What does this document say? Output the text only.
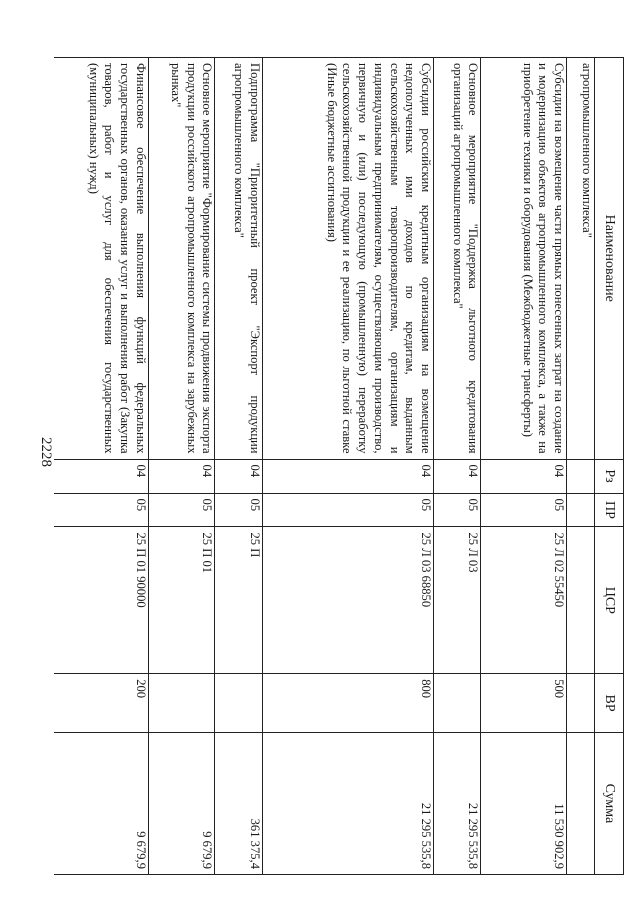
2228
Наименование	Рз	ПР	ЦСР	ВР	Сумма
агропромышленного комплекса"					
Субсидии на возмещение части прямых понесенных затрат на создание и модернизацию объектов агропромышленного комплекса, а также на приобретение техники и оборудования (Межбюджетные трансферты)	04	05	25 Л 02 55450	500	11 530 902,9
Основное мероприятие "Поддержка льготного кредитования организаций агропромышленного комплекса"	04	05	25 Л 03		21 295 535,8
Субсидии российским кредитным организациям на возмещение недополученных ими доходов по кредитам, выданным сельскохозяйственным товаропроизводителям, организациям и индивидуальным предпринимателям, осуществляющим производство, первичную и (или) последующую (промышленную) переработку сельскохозяйственной продукции и ее реализацию, по льготной ставке (Иные бюджетные ассигнования)	04	05	25 Л 03 68850	800	21 295 535,8
Подпрограмма "Приоритетный проект "Экспорт продукции агропромышленного комплекса"	04	05	25 П		361 375,4
Основное мероприятие "Формирование системы продвижения экспорта продукции российского агропромышленного комплекса на зарубежных рынках"	04	05	25 П 01		9 679,9
Финансовое обеспечение выполнения функций федеральных государственных органов, оказания услуг и выполнения работ (Закупка товаров, работ и услуг для обеспечения государственных (муниципальных) нужд)	04	05	25 П 01 90000	200	9 679,9
